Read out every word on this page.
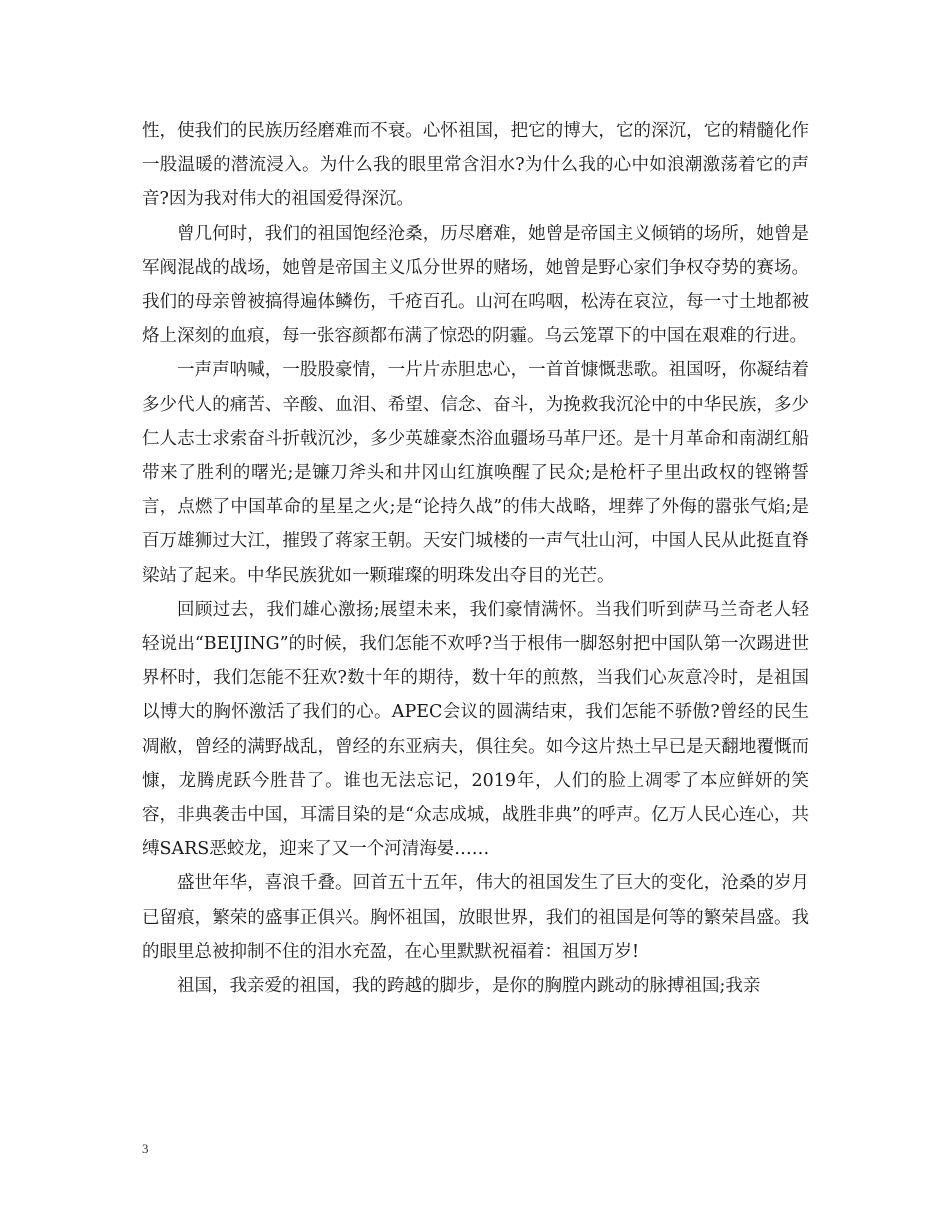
性，使我们的民族历经磨难而不衰。心怀祖国，把它的博大，它的深沉，它的精髓化作一股温暖的潜流浸入。为什么我的眼里常含泪水?为什么我的心中如浪潮激荡着它的声音?因为我对伟大的祖国爱得深沉。

曾几何时，我们的祖国饱经沧桑，历尽磨难，她曾是帝国主义倾销的场所，她曾是军阀混战的战场，她曾是帝国主义瓜分世界的赌场，她曾是野心家们争权夺势的赛场。我们的母亲曾被搞得遍体鳞伤，千疮百孔。山河在呜咽，松涛在哀泣，每一寸土地都被烙上深刻的血痕，每一张容颜都布满了惊恐的阴霾。乌云笼罩下的中国在艰难的行进。

一声声呐喊，一股股豪情，一片片赤胆忠心，一首首慷慨悲歌。祖国呀，你凝结着多少代人的痛苦、辛酸、血泪、希望、信念、奋斗，为挽救我沉沦中的中华民族，多少仁人志士求索奋斗折戟沉沙，多少英雄豪杰浴血疆场马革尸还。是十月革命和南湖红船带来了胜利的曙光;是镰刀斧头和井冈山红旗唤醒了民众;是枪杆子里出政权的铿锵誓言，点燃了中国革命的星星之火;是“论持久战”的伟大战略，埋葬了外侮的嚣张气焰;是百万雄狮过大江，摧毁了蒋家王朝。天安门城楼的一声气壮山河，中国人民从此挺直脊梁站了起来。中华民族犹如一颗璀璨的明珠发出夺目的光芒。

回顾过去，我们雄心激扬;展望未来，我们豪情满怀。当我们听到萨马兰奇老人轻轻说出“BEIJING”的时候，我们怎能不欢呼?当于根伟一脚怒射把中国队第一次踢进世界杯时，我们怎能不狂欢?数十年的期待，数十年的煎熬，当我们心灰意冷时，是祖国以博大的胸怀激活了我们的心。APEC会议的圆满结束，我们怎能不骄傲?曾经的民生凋敝，曾经的满野战乱，曾经的东亚病夫，俱往矣。如今这片热土早已是天翻地覆慨而慷，龙腾虎跃今胜昔了。谁也无法忘记，2019年，人们的脸上凋零了本应鲜妍的笑容，非典袭击中国，耳濡目染的是“众志成城，战胜非典”的呼声。亿万人民心连心，共缚SARS恶蛟龙，迎来了又一个河清海晏……

盛世年华，喜浪千叠。回首五十五年，伟大的祖国发生了巨大的变化，沧桑的岁月已留痕，繁荣的盛事正俱兴。胸怀祖国，放眼世界，我们的祖国是何等的繁荣昌盛。我的眼里总被抑制不住的泪水充盈，在心里默默祝福着：祖国万岁!

祖国，我亲爱的祖国，我的跨越的脚步，是你的胸膛内跳动的脉搏祖国;我亲

3
